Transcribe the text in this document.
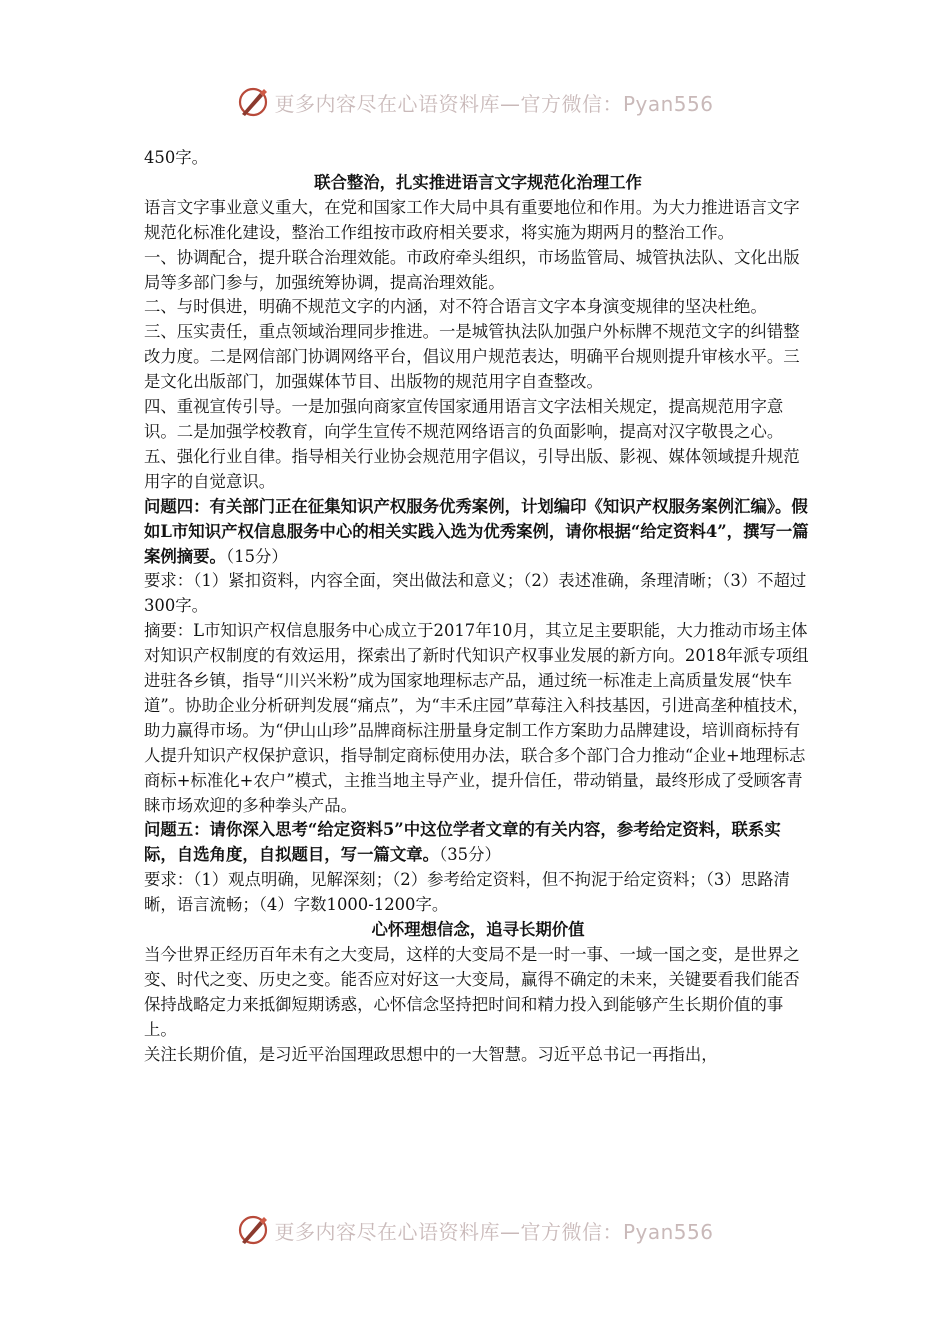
更多内容尽在心语资料库—官方微信：Pyan556

450字。

联合整治，扎实推进语言文字规范化治理工作

语言文字事业意义重大，在党和国家工作大局中具有重要地位和作用。为大力推进语言文字规范化标准化建设，整治工作组按市政府相关要求，将实施为期两月的整治工作。

一、协调配合，提升联合治理效能。市政府牵头组织，市场监管局、城管执法队、文化出版局等多部门参与，加强统筹协调，提高治理效能。

二、与时俱进，明确不规范文字的内涵，对不符合语言文字本身演变规律的坚决杜绝。

三、压实责任，重点领域治理同步推进。一是城管执法队加强户外标牌不规范文字的纠错整改力度。二是网信部门协调网络平台，倡议用户规范表达，明确平台规则提升审核水平。三是文化出版部门，加强媒体节目、出版物的规范用字自查整改。

四、重视宣传引导。一是加强向商家宣传国家通用语言文字法相关规定，提高规范用字意识。二是加强学校教育，向学生宣传不规范网络语言的负面影响，提高对汉字敬畏之心。

五、强化行业自律。指导相关行业协会规范用字倡议，引导出版、影视、媒体领域提升规范用字的自觉意识。

问题四：有关部门正在征集知识产权服务优秀案例，计划编印《知识产权服务案例汇编》。假如L市知识产权信息服务中心的相关实践入选为优秀案例，请你根据“给定资料4”，撰写一篇案例摘要。（15分）

要求：（1）紧扣资料，内容全面，突出做法和意义；（2）表述准确，条理清晰；（3）不超过300字。

摘要：L市知识产权信息服务中心成立于2017年10月，其立足主要职能，大力推动市场主体对知识产权制度的有效运用，探索出了新时代知识产权事业发展的新方向。2018年派专项组进驻各乡镇，指导“川兴米粉”成为国家地理标志产品，通过统一标准走上高质量发展“快车道”。协助企业分析研判发展“痛点”，为“丰禾庄园”草莓注入科技基因，引进高垄种植技术，助力赢得市场。为“伊山山珍”品牌商标注册量身定制工作方案助力品牌建设，培训商标持有人提升知识产权保护意识，指导制定商标使用办法，联合多个部门合力推动“企业+地理标志商标+标准化+农户”模式，主推当地主导产业，提升信任，带动销量，最终形成了受顾客青睐市场欢迎的多种拳头产品。

问题五：请你深入思考“给定资料5”中这位学者文章的有关内容，参考给定资料，联系实际，自选角度，自拟题目，写一篇文章。（35分）

要求：（1）观点明确，见解深刻；（2）参考给定资料，但不拘泥于给定资料；（3）思路清晰，语言流畅；（4）字数1000-1200字。

心怀理想信念，追寻长期价值

当今世界正经历百年未有之大变局，这样的大变局不是一时一事、一域一国之变，是世界之变、时代之变、历史之变。能否应对好这一大变局，赢得不确定的未来，关键要看我们能否保持战略定力来抵御短期诱惑，心怀信念坚持把时间和精力投入到能够产生长期价值的事上。

关注长期价值，是习近平治国理政思想中的一大智慧。习近平总书记一再指出，

更多内容尽在心语资料库—官方微信：Pyan556
